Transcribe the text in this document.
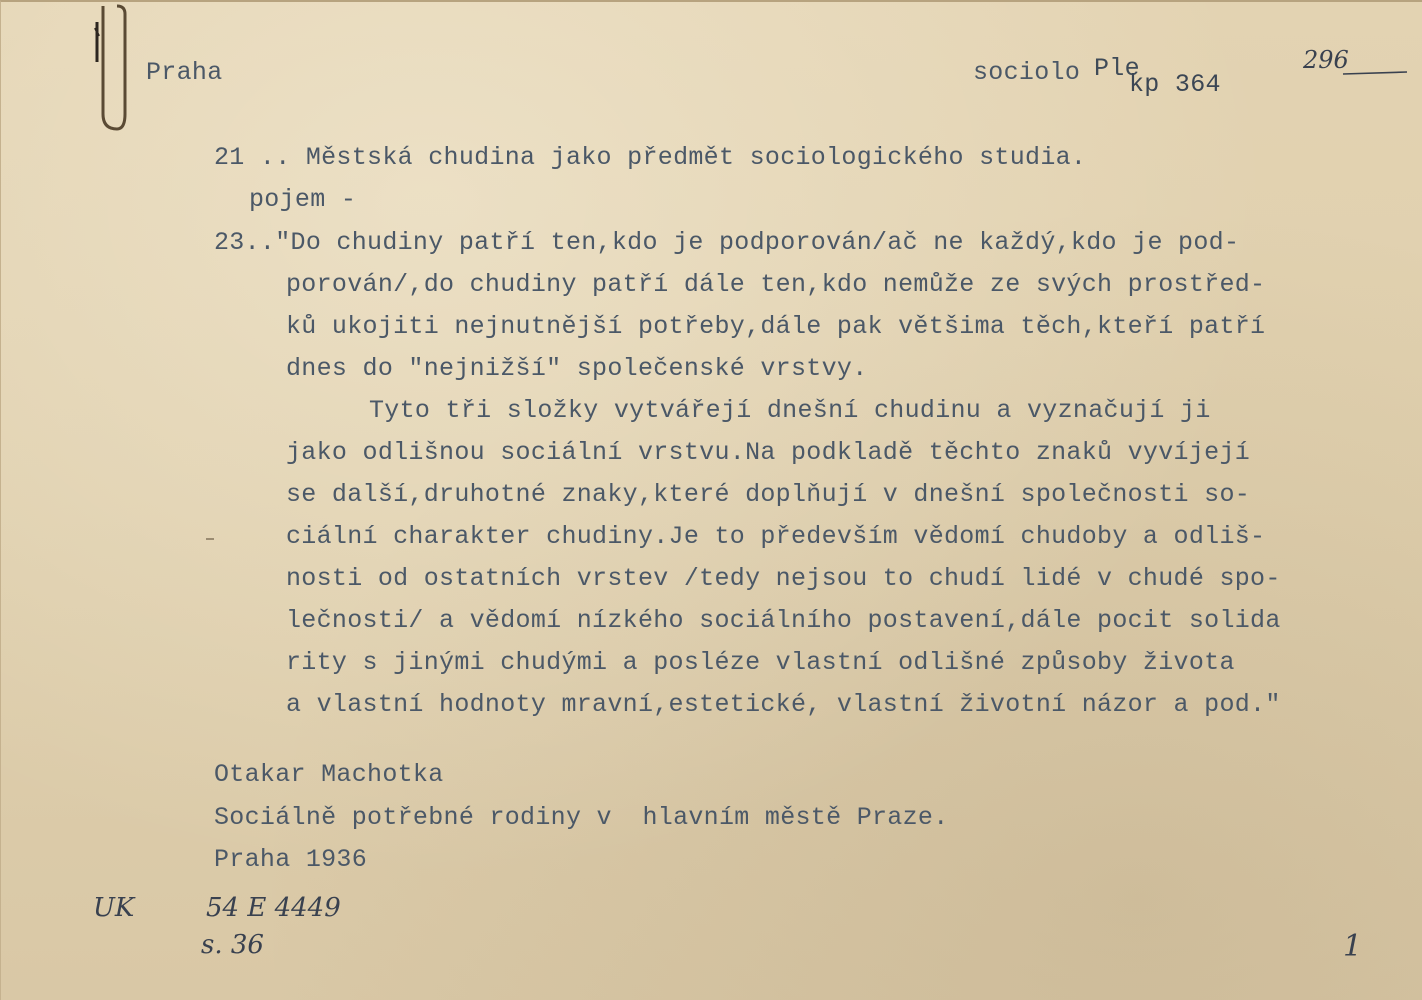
Praha	sociolo Ple
kp 364
296
21 .. Městská chudina jako předmět sociologického studia.
pojem -
23.."Do chudiny patří ten,kdo je podporován/ač ne každý,kdo je pod-
porován/,do chudiny patří dále ten,kdo nemůže ze svých prostřed-
ků ukojiti nejnutnější potřeby,dále pak většima těch,kteří patří
dnes do "nejnižší" společenské vrstvy.
Tyto tři složky vytvářejí dnešní chudinu a vyznačují ji
jako odlišnou sociální vrstvu.Na podkladě těchto znaků vyvíjejí
se další,druhotné znaky,které doplňují v dnešní společnosti so-
ciální charakter chudiny.Je to především vědomí chudoby a odliš-
nosti od ostatních vrstev /tedy nejsou to chudí lidé v chudé spo-
lečnosti/ a vědomí nízkého sociálního postavení,dále pocit solida
rity s jinými chudými a posléze vlastní odlišné způsoby života
a vlastní hodnoty mravní,estetické, vlastní životní názor a pod."
Otakar Machotka
Sociálně potřebné rodiny v  hlavním městě Praze.
Praha 1936
UK	54 E 4449
s. 36	1
